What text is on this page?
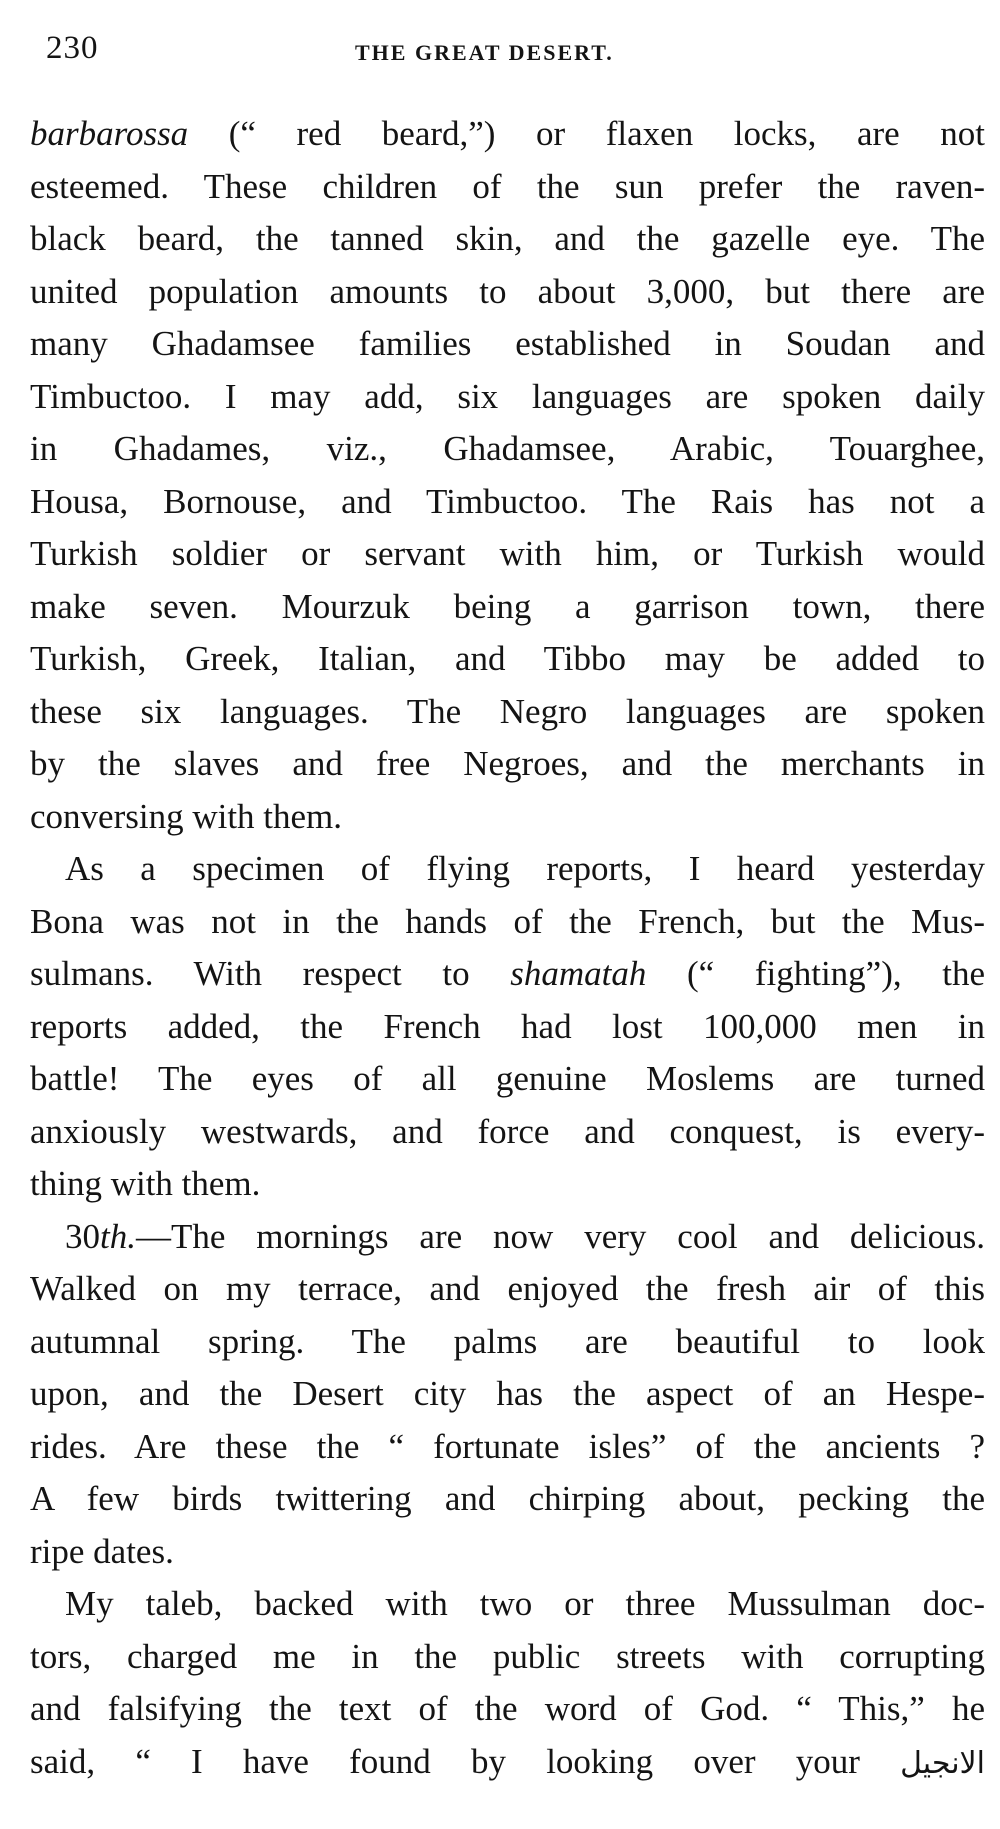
230	THE GREAT DESERT.
barbarossa (“ red beard,”) or flaxen locks, are not
esteemed. These children of the sun prefer the raven-
black beard, the tanned skin, and the gazelle eye. The
united population amounts to about 3,000, but there are
many Ghadamsee families established in Soudan and
Timbuctoo. I may add, six languages are spoken daily
in Ghadames, viz., Ghadamsee, Arabic, Touarghee,
Housa, Bornouse, and Timbuctoo. The Rais has not a
Turkish soldier or servant with him, or Turkish would
make seven. Mourzuk being a garrison town, there
Turkish, Greek, Italian, and Tibbo may be added to
these six languages. The Negro languages are spoken
by the slaves and free Negroes, and the merchants in
conversing with them.
As a specimen of flying reports, I heard yesterday
Bona was not in the hands of the French, but the Mus-
sulmans. With respect to shamatah (“ fighting”), the
reports added, the French had lost 100,000 men in
battle! The eyes of all genuine Moslems are turned
anxiously westwards, and force and conquest, is every-
thing with them.
30th.—The mornings are now very cool and delicious.
Walked on my terrace, and enjoyed the fresh air of this
autumnal spring. The palms are beautiful to look
upon, and the Desert city has the aspect of an Hespe-
rides. Are these the “ fortunate isles” of the ancients ?
A few birds twittering and chirping about, pecking the
ripe dates.
My taleb, backed with two or three Mussulman doc-
tors, charged me in the public streets with corrupting
and falsifying the text of the word of God. “ This,” he
said, “ I have found by looking over your الانجيل
